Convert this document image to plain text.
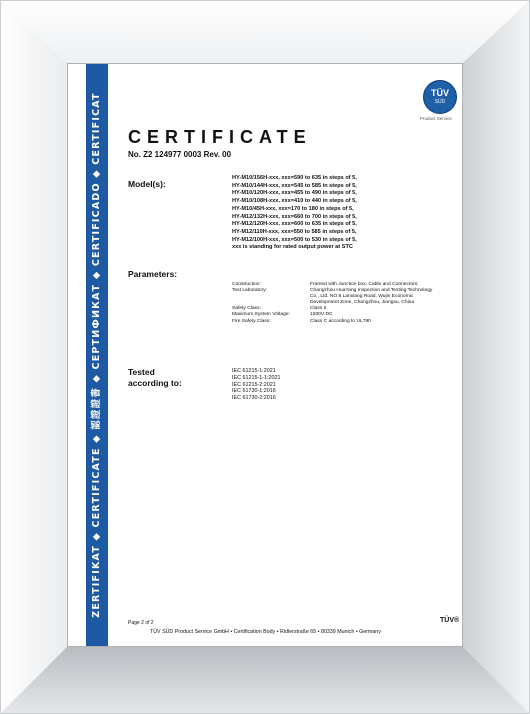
ZERTIFIKAT ◆ CERTIFICATE ◆ 認證證書 ◆ СЕРТИФИКАТ ◆ CERTIFICADO ◆ CERTIFICAT	TÜV
SÜD
Product Service
CERTIFICATE
No. Z2 124977 0003 Rev. 00
Model(s):
HY-M10/156H-xxx, xxx=590 to 635 in steps of 5,
HY-M10/144H-xxx, xxx=545 to 585 in steps of 5,
HY-M10/120H-xxx, xxx=455 to 490 in steps of 5,
HY-M10/108H-xxx, xxx=410 to 440 in steps of 5,
HY-M10/45H-xxx, xxx=170 to 180 in steps of 5,
HY-M12/132H-xxx, xxx=660 to 700 in steps of 5,
HY-M12/120H-xxx, xxx=600 to 635 in steps of 5,
HY-M12/110H-xxx, xxx=550 to 585 in steps of 5,
HY-M12/100H-xxx, xxx=500 to 530 in steps of 5,
xxx is standing for rated output power at STC
Parameters:
Construction:	Framed with Junction box, Cable and Connectors;
Test Laboratory:	Changzhou HuaYang Inspection and Testing Technology Co., Ltd. NO.8 Lanxiang Road, Wujin Economic Development Zone, Changzhou, Jiangsu, China
Safety Class:	Class II
Maximum System Voltage:	1500V DC
Fire Safety Class:	Class C according to UL790
Tested
according to:
IEC 61215-1:2021
IEC 61215-1-1:2021
IEC 61215-2:2021
IEC 61730-1:2016
IEC 61730-2:2016
Page 2 of 2
TÜV SÜD Product Service GmbH • Certification Body • Ridlerstraße 65 • 80339 Munich • Germany
TÜV®
